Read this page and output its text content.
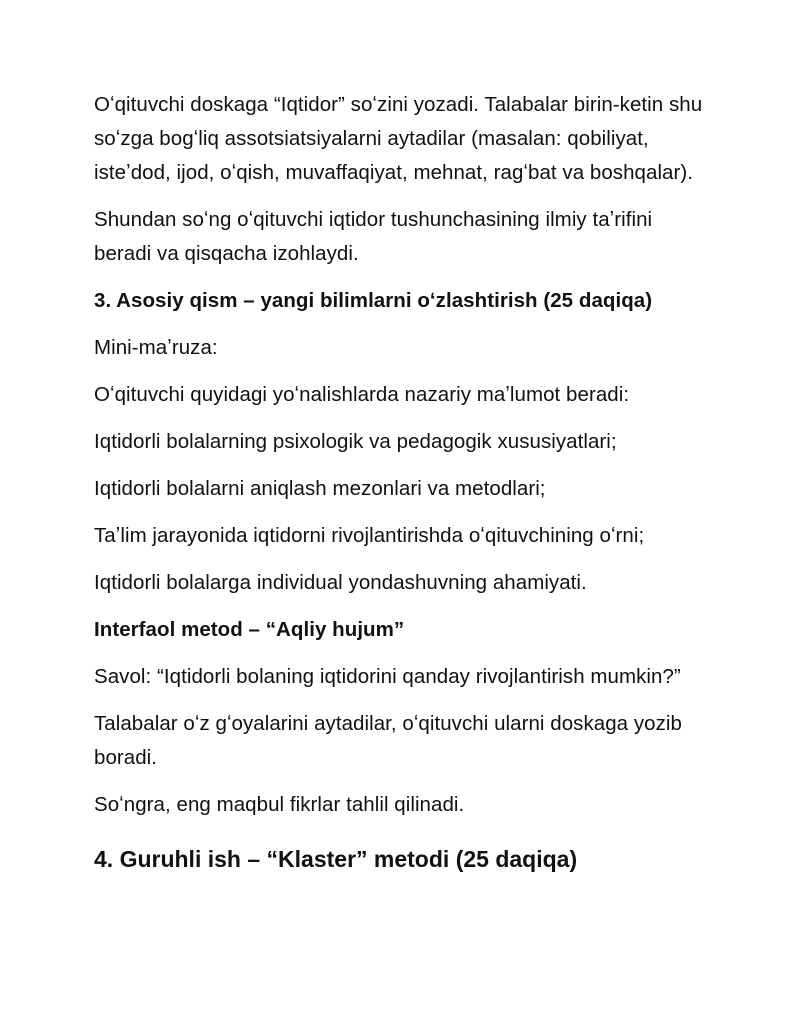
Oʻqituvchi doskaga “Iqtidor” soʻzini yozadi. Talabalar birin-ketin shu soʻzga bogʻliq assotsiatsiyalarni aytadilar (masalan: qobiliyat, isteʼdod, ijod, oʻqish, muvaffaqiyat, mehnat, ragʻbat va boshqalar).

Shundan soʻng oʻqituvchi iqtidor tushunchasining ilmiy taʼrifini beradi va qisqacha izohlaydi.

3. Asosiy qism – yangi bilimlarni oʻzlashtirish (25 daqiqa)

Mini-maʼruza:

Oʻqituvchi quyidagi yoʻnalishlarda nazariy maʼlumot beradi:

Iqtidorli bolalarning psixologik va pedagogik xususiyatlari;

Iqtidorli bolalarni aniqlash mezonlari va metodlari;

Taʼlim jarayonida iqtidorni rivojlantirishda oʻqituvchining oʻrni;

Iqtidorli bolalarga individual yondashuvning ahamiyati.

Interfaol metod – “Aqliy hujum”

Savol: “Iqtidorli bolaning iqtidorini qanday rivojlantirish mumkin?”

Talabalar oʻz gʻoyalarini aytadilar, oʻqituvchi ularni doskaga yozib boradi.

Soʻngra, eng maqbul fikrlar tahlil qilinadi.

4. Guruhli ish – “Klaster” metodi (25 daqiqa)
